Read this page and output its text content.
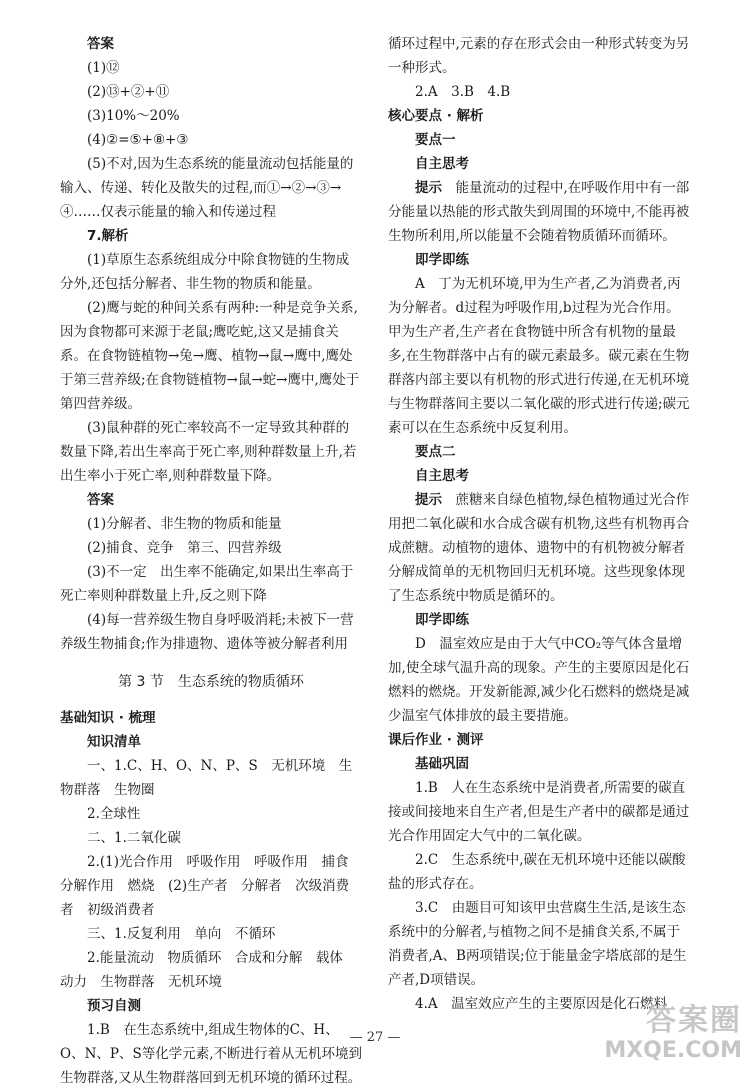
答案

(1)⑫

(2)⑬+②+⑪

(3)10%～20%

(4)②=⑤+⑧+③

(5)不对,因为生态系统的能量流动包括能量的输入、传递、转化及散失的过程,而①→②→③→

④……仅表示能量的输入和传递过程

7.解析

(1)草原生态系统组成分中除食物链的生物成分外,还包括分解者、非生物的物质和能量。

(2)鹰与蛇的种间关系有两种:一种是竞争关系,因为食物都可来源于老鼠;鹰吃蛇,这又是捕食关系。在食物链植物→兔→鹰、植物→鼠→鹰中,鹰处于第三营养级;在食物链植物→鼠→蛇→鹰中,鹰处于第四营养级。

(3)鼠种群的死亡率较高不一定导致其种群的数量下降,若出生率高于死亡率,则种群数量上升,若出生率小于死亡率,则种群数量下降。

答案

(1)分解者、非生物的物质和能量

(2)捕食、竞争　第三、四营养级

(3)不一定　出生率不能确定,如果出生率高于死亡率则种群数量上升,反之则下降

(4)每一营养级生物自身呼吸消耗;未被下一营养级生物捕食;作为排遗物、遗体等被分解者利用

第 3 节　生态系统的物质循环

基础知识 · 梳理

知识清单

一、1.C、H、O、N、P、S　无机环境　生物群落　生物圈

2.全球性

二、1.二氧化碳

2.(1)光合作用　呼吸作用　呼吸作用　捕食　分解作用　燃烧　(2)生产者　分解者　次级消费者　初级消费者

三、1.反复利用　单向　不循环

2.能量流动　物质循环　合成和分解　载体　动力　生物群落　无机环境

预习自测

1.B　在生态系统中,组成生物体的C、H、O、N、P、S等化学元素,不断进行着从无机环境到生物群落,又从生物群落回到无机环境的循环过程。

循环过程中,元素的存在形式会由一种形式转变为另一种形式。

2.A　3.B　4.B

核心要点 · 解析

要点一

自主思考

提示　 能量流动的过程中,在呼吸作用中有一部分能量以热能的形式散失到周围的环境中,不能再被生物所利用,所以能量不会随着物质循环而循环。

即学即练

A　丁为无机环境,甲为生产者,乙为消费者,丙为分解者。d过程为呼吸作用,b过程为光合作用。甲为生产者,生产者在食物链中所含有机物的量最多,在生物群落中占有的碳元素最多。碳元素在生物群落内部主要以有机物的形式进行传递,在无机环境与生物群落间主要以二氧化碳的形式进行传递;碳元素可以在生态系统中反复利用。

要点二

自主思考

提示　 蔗糖来自绿色植物,绿色植物通过光合作用把二氧化碳和水合成含碳有机物,这些有机物再合成蔗糖。动植物的遗体、遗物中的有机物被分解者分解成简单的无机物回归无机环境。这些现象体现了生态系统中物质是循环的。

即学即练

D　温室效应是由于大气中CO₂等气体含量增加,使全球气温升高的现象。产生的主要原因是化石燃料的燃烧。开发新能源,减少化石燃料的燃烧是减少温室气体排放的最主要措施。

课后作业 · 测评

基础巩固

1.B　人在生态系统中是消费者,所需要的碳直接或间接地来自生产者,但是生产者中的碳都是通过光合作用固定大气中的二氧化碳。

2.C　生态系统中,碳在无机环境中还能以碳酸盐的形式存在。

3.C　由题目可知该甲虫营腐生生活,是该生态系统中的分解者,与植物之间不是捕食关系,不属于消费者,A、B两项错误;位于能量金字塔底部的是生产者,D项错误。

4.A　温室效应产生的主要原因是化石燃料

— 27 —	答案圈
MXQE.COM
